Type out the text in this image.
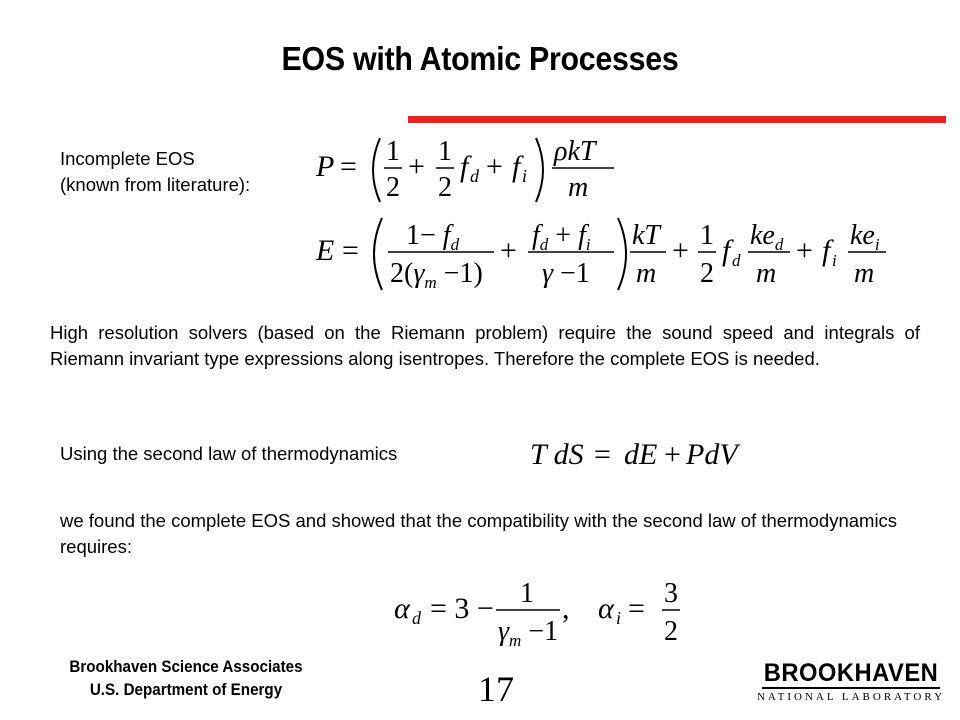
EOS with Atomic Processes
Incomplete EOS
(known from literature):
P = 1
2
+ 1
2
f d + f i
ρkT
m
$E = 1- f_d$
$2(\gamma_m -1)$
+ $f_d + f_i$
γ −1
kT
m
+ 1
2
f d
$ke_d$
m
+ f i
$ke_i$
m
High resolution solvers (based on the Riemann problem) require the sound speed and integrals of Riemann invariant type expressions along isentropes. Therefore the complete EOS is needed.
Using the second law of thermodynamics	T dS = dE + PdV
we found the complete EOS and showed that the compatibility with the second law of thermodynamics requires:
α d = 3 − 1
$\gamma_m -1$
, α i = 3
2
Brookhaven Science Associates
U.S. Department of Energy	17	BROOKHAVEN
NATIONAL LABORATORY
